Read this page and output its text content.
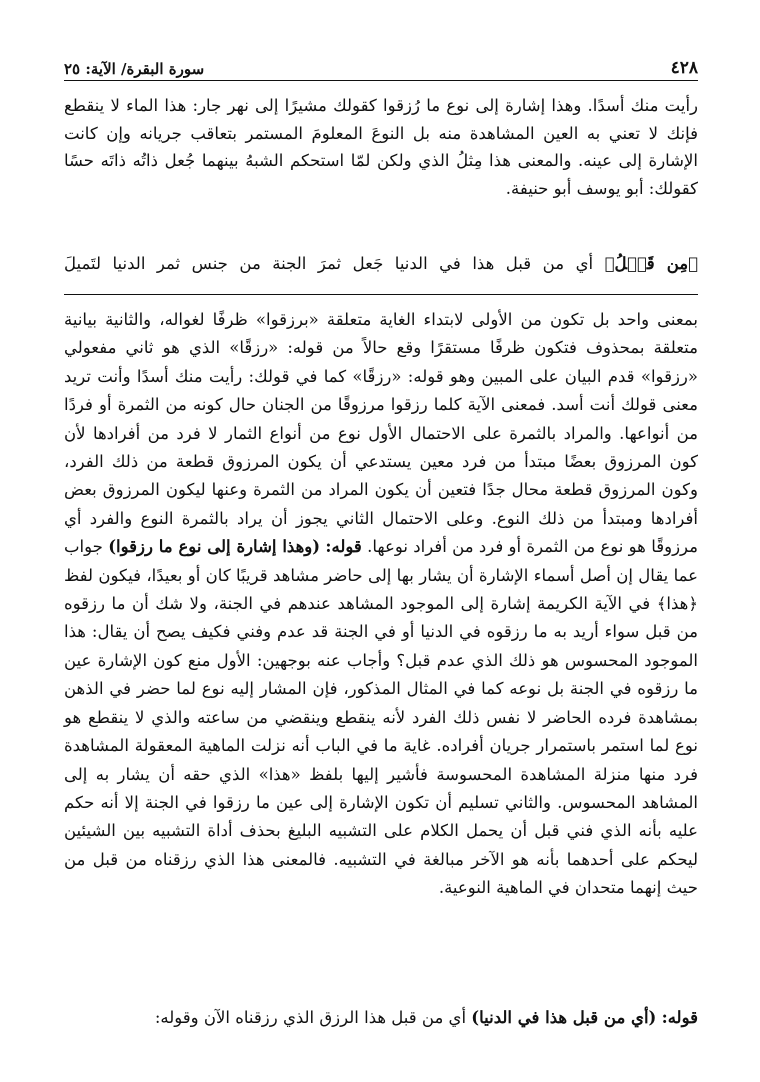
٤٢٨
سورة البقرة/ الآية: ٢٥

رأيت منك أسدًا. وهذا إشارة إلى نوع ما رُزقوا كقولك مشيرًا إلى نهر جار: هذا الماء لا ينقطع فإنك لا تعني به العين المشاهدة منه بل النوعَ المعلومَ المستمر بتعاقب جريانه وإن كانت الإشارة إلى عينه. والمعنى هذا مِثلُ الذي ولكن لمّا استحكم الشبهُ بينهما جُعل ذاتُه ذاتَه حسًا كقولك: أبو يوسف أبو حنيفة.

﴿مِن قَبۡلُ﴾ أي من قبل هذا في الدنيا جَعل ثمرَ الجنة من جنس ثمر الدنيا لتَميلَ

بمعنى واحد بل تكون من الأولى لابتداء الغاية متعلقة «برزقوا» ظرفًا لغواله، والثانية بيانية متعلقة بمحذوف فتكون ظرفًا مستقرًا وقع حالاً من قوله: «رزقًا» الذي هو ثاني مفعولي «رزقوا» قدم البيان على المبين وهو قوله: «رزقًا» كما في قولك: رأيت منك أسدًا وأنت تريد معنى قولك أنت أسد. فمعنى الآية كلما رزقوا مرزوقًا من الجنان حال كونه من الثمرة أو فردًا من أنواعها. والمراد بالثمرة على الاحتمال الأول نوع من أنواع الثمار لا فرد من أفرادها لأن كون المرزوق بعضًا مبتدأ من فرد معين يستدعي أن يكون المرزوق قطعة من ذلك الفرد، وكون المرزوق قطعة محال جدًا فتعين أن يكون المراد من الثمرة وعنها ليكون المرزوق بعض أفرادها ومبتدأ من ذلك النوع. وعلى الاحتمال الثاني يجوز أن يراد بالثمرة النوع والفرد أي مرزوقًا هو نوع من الثمرة أو فرد من أفراد نوعها. قوله: (وهذا إشارة إلى نوع ما رزقوا) جواب عما يقال إن أصل أسماء الإشارة أن يشار بها إلى حاضر مشاهد قريبًا كان أو بعيدًا، فيكون لفظ ﴿هذا﴾ في الآية الكريمة إشارة إلى الموجود المشاهد عندهم في الجنة، ولا شك أن ما رزقوه من قبل سواء أريد به ما رزقوه في الدنيا أو في الجنة قد عدم وفني فكيف يصح أن يقال: هذا الموجود المحسوس هو ذلك الذي عدم قبل؟ وأجاب عنه بوجهين: الأول منع كون الإشارة عين ما رزقوه في الجنة بل نوعه كما في المثال المذكور، فإن المشار إليه نوع لما حضر في الذهن بمشاهدة فرده الحاضر لا نفس ذلك الفرد لأنه ينقطع وينقضي من ساعته والذي لا ينقطع هو نوع لما استمر باستمرار جريان أفراده. غاية ما في الباب أنه نزلت الماهية المعقولة المشاهدة فرد منها منزلة المشاهدة المحسوسة فأشير إليها بلفظ «هذا» الذي حقه أن يشار به إلى المشاهد المحسوس. والثاني تسليم أن تكون الإشارة إلى عين ما رزقوا في الجنة إلا أنه حكم عليه بأنه الذي فني قبل أن يحمل الكلام على التشبيه البليغ بحذف أداة التشبيه بين الشيئين ليحكم على أحدهما بأنه هو الآخر مبالغة في التشبيه. فالمعنى هذا الذي رزقناه من قبل من حيث إنهما متحدان في الماهية النوعية.

قوله: (أي من قبل هذا في الدنيا) أي من قبل هذا الرزق الذي رزقناه الآن وقوله:
